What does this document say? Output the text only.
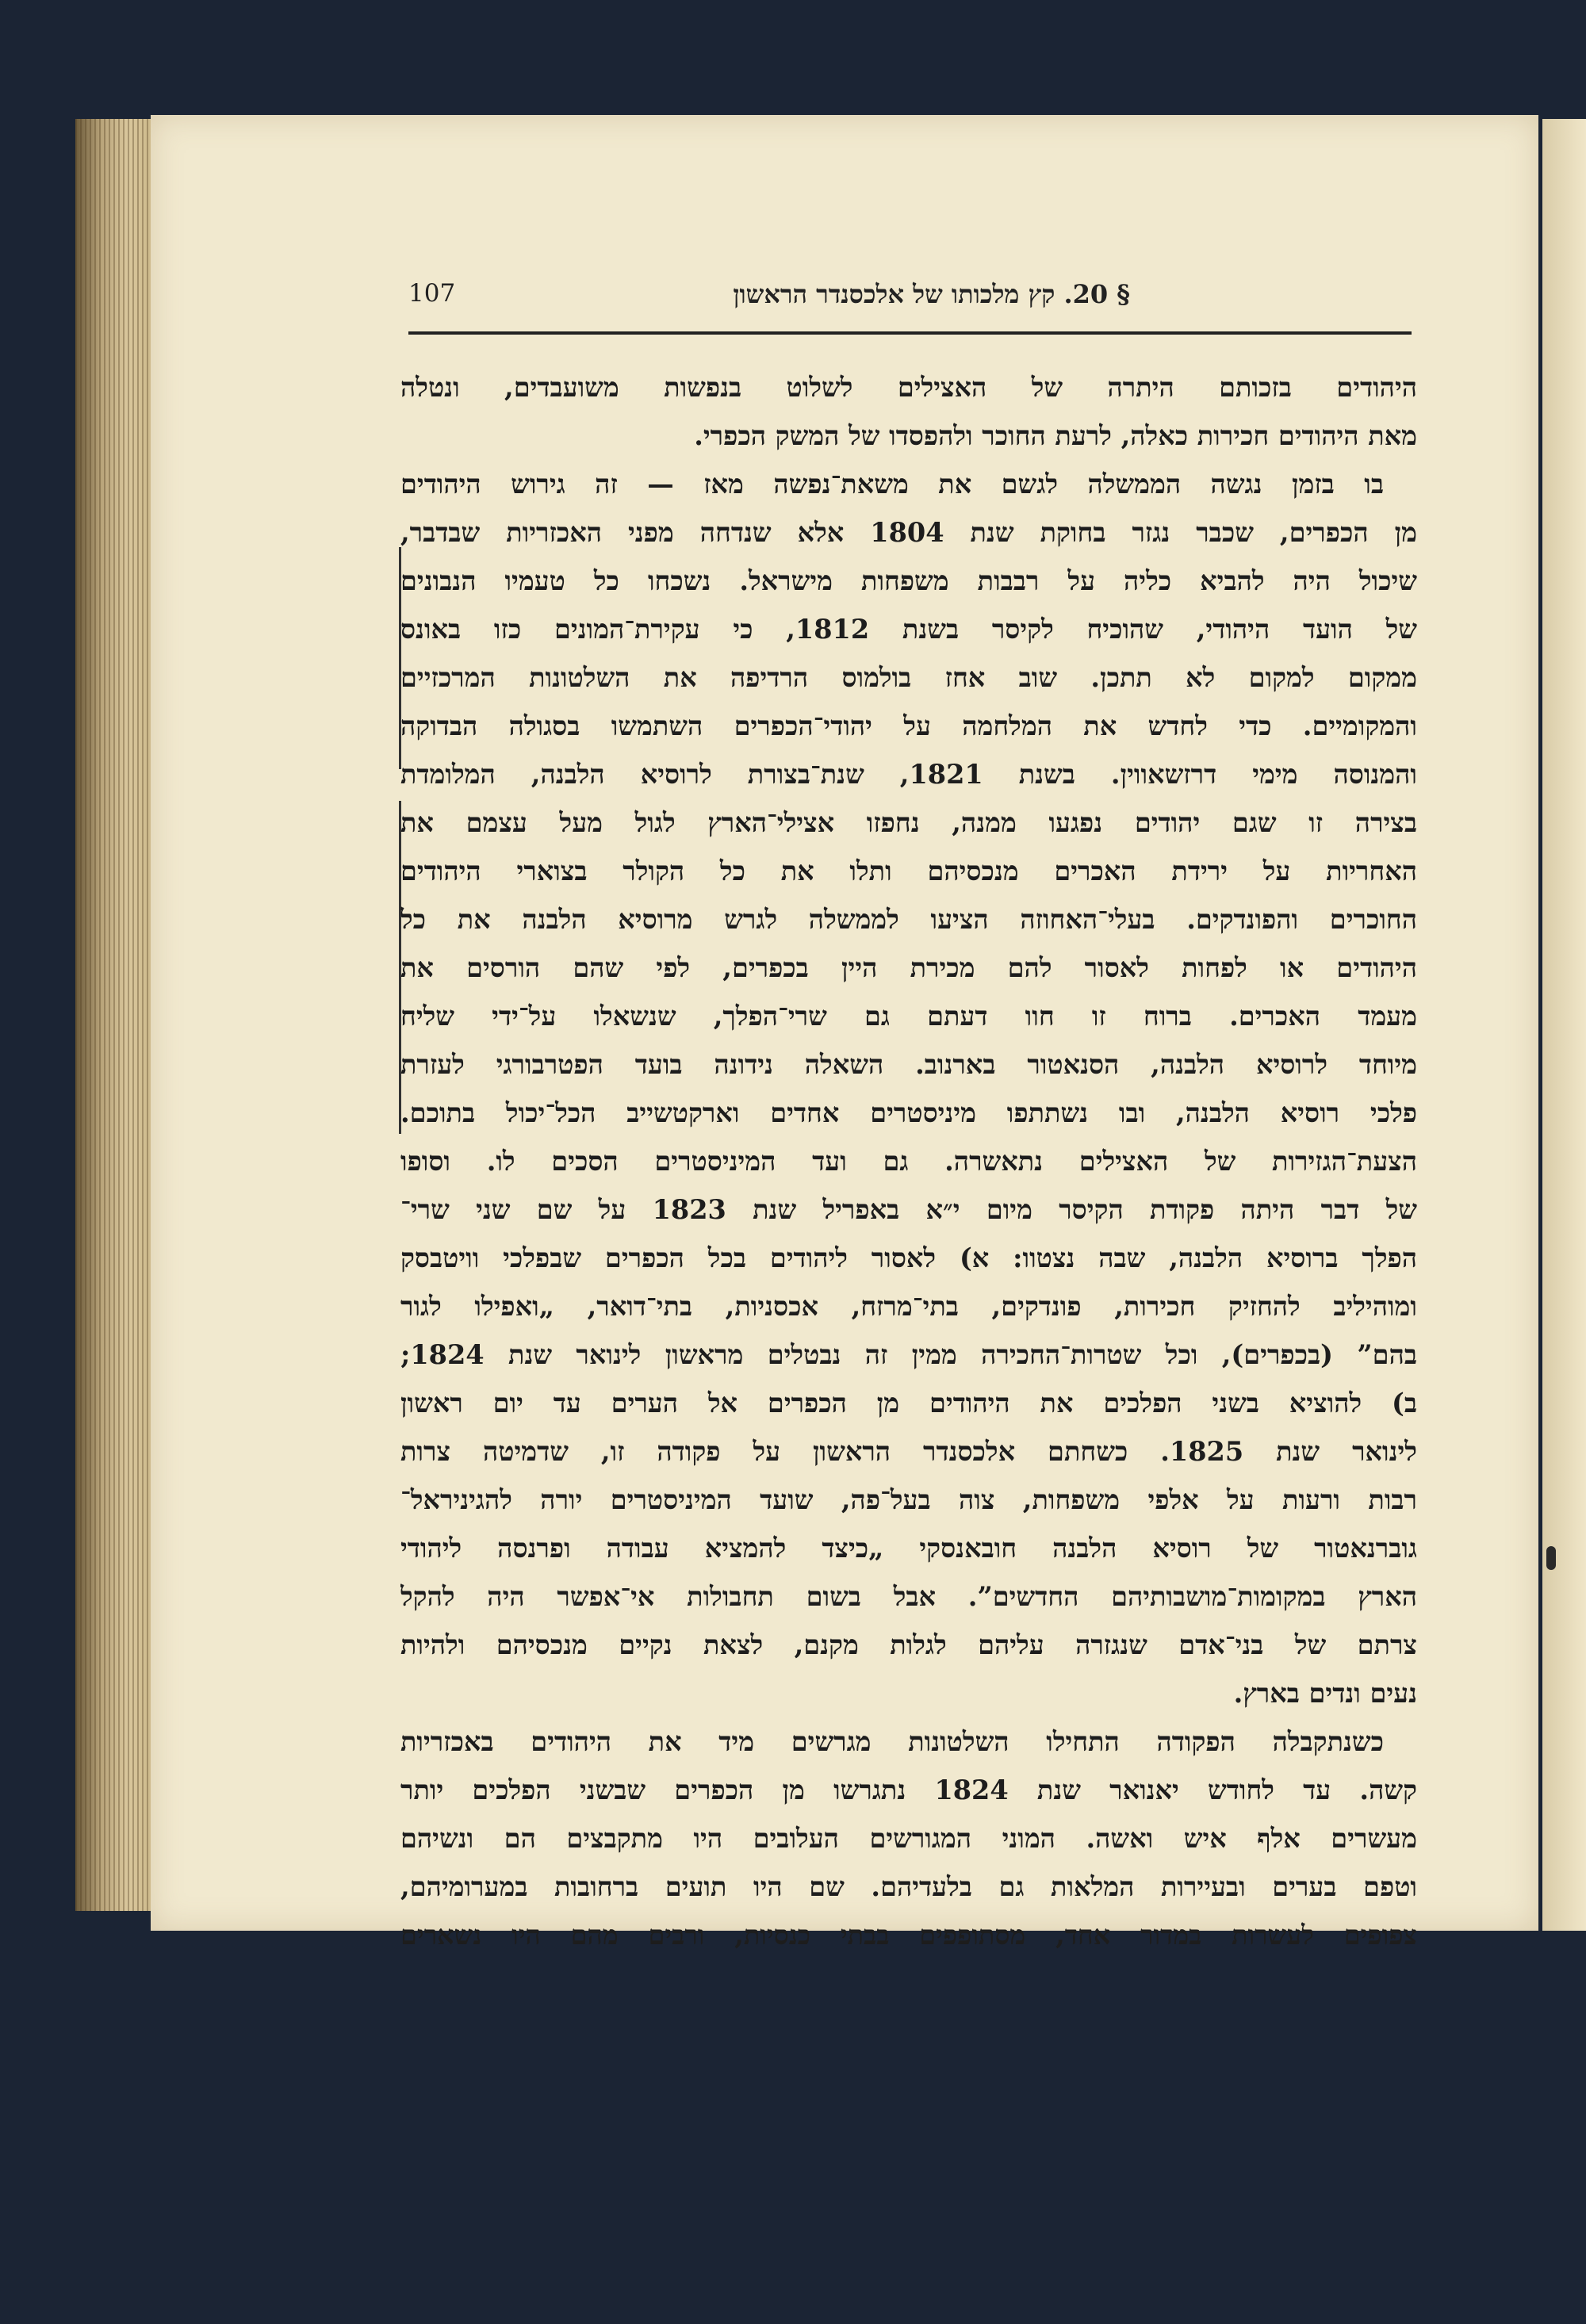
107	§ 20. קץ מלכותו של אלכסנדר הראשון
היהודים בזכותם היתרה של האצילים לשלוט בנפשות משועבדים, ונטלה
מאת היהודים חכירות כאלה, לרעת החוכר ולהפסדו של המשק הכפרי.
בו בזמן נגשה הממשלה לגשם את משאת־נפשה מאז — זה גירוש היהודים
מן הכפרים, שכבר נגזר בחוקת שנת 1804 אלא שנדחה מפני האכזריות שבדבר,
שיכול היה להביא כליה על רבבות משפחות מישראל. נשכחו כל טעמיו הנבונים
של הועד היהודי, שהוכיח לקיסר בשנת 1812, כי עקירת־המונים כזו באונס
ממקום למקום לא תתכן. שוב אחז בולמוס הרדיפה את השלטונות המרכזיים
והמקומיים. כדי לחדש את המלחמה על יהודי־הכפרים השתמשו בסגולה הבדוקה
והמנוסה מימי דרזשאווין. בשנת 1821, שנת־בצורת לרוסיא הלבנה, המלומדת
בצירה זו שגם יהודים נפגעו ממנה, נחפזו אצילי־הארץ לגול מעל עצמם את
האחריות על ירידת האכרים מנכסיהם ותלו את כל הקולר בצוארי היהודים
החוכרים והפונדקים. בעלי־האחוזה הציעו לממשלה לגרש מרוסיא הלבנה את כל
היהודים או לפחות לאסור להם מכירת היין בכפרים, לפי שהם הורסים את
מעמד האכרים. ברוח זו חוו דעתם גם שרי־הפלך, שנשאלו על־ידי שליח
מיוחד לרוסיא הלבנה, הסנאטור בארנוב. השאלה נידונה בועד הפטרבורגי לעזרת
פלכי רוסיא הלבנה, ובו נשתתפו מיניסטרים אחדים וארקטשייב הכל־יכול בתוכם.
הצעת־הגזירות של האצילים נתאשרה. גם ועד המיניסטרים הסכים לו. וסופו
של דבר היתה פקודת הקיסר מיום י״א באפריל שנת 1823 על שם שני שרי־
הפלך ברוסיא הלבנה, שבה נצטוו: א) לאסור ליהודים בכל הכפרים שבפלכי וויטבסק
ומוהיליב להחזיק חכירות, פונדקים, בתי־מרזח, אכסניות, בתי־דואר, „ואפילו לגור
בהם” (בכפרים), וכל שטרות־החכירה ממין זה נבטלים מראשון לינואר שנת 1824;
ב) להוציא בשני הפלכים את היהודים מן הכפרים אל הערים עד יום ראשון
לינואר שנת 1825. כשחתם אלכסנדר הראשון על פקודה זו, שדמיטה צרות
רבות ורעות על אלפי משפחות, צוה בעל־פה, שועד המיניסטרים יורה להגיניראל־
גוברנאטור של רוסיא הלבנה חובאנסקי „כיצד להמציא עבודה ופרנסה ליהודי
הארץ במקומות־מושבותיהם החדשים”. אבל בשום תחבולות אי־אפשר היה להקל
צרתם של בני־אדם שנגזרה עליהם לגלות מקנם, לצאת נקיים מנכסיהם ולהיות
נעים ונדים בארץ.
כשנתקבלה הפקודה התחילו השלטונות מגרשים מיד את היהודים באכזריות
קשה. עד לחודש יאנואר שנת 1824 נתגרשו מן הכפרים שבשני הפלכים יותר
מעשרים אלף איש ואשה. המוני המגורשים העלובים היו מתקבצים הם ונשיהם
וטפם בערים ובעיירות המלאות גם בלעדיהם. שם היו תועים ברחובות במערומיהם,
צפופים לעשרות במדור אחד, מסתופפים בבתי כנסיות, ורבים מהם היו נשארים
